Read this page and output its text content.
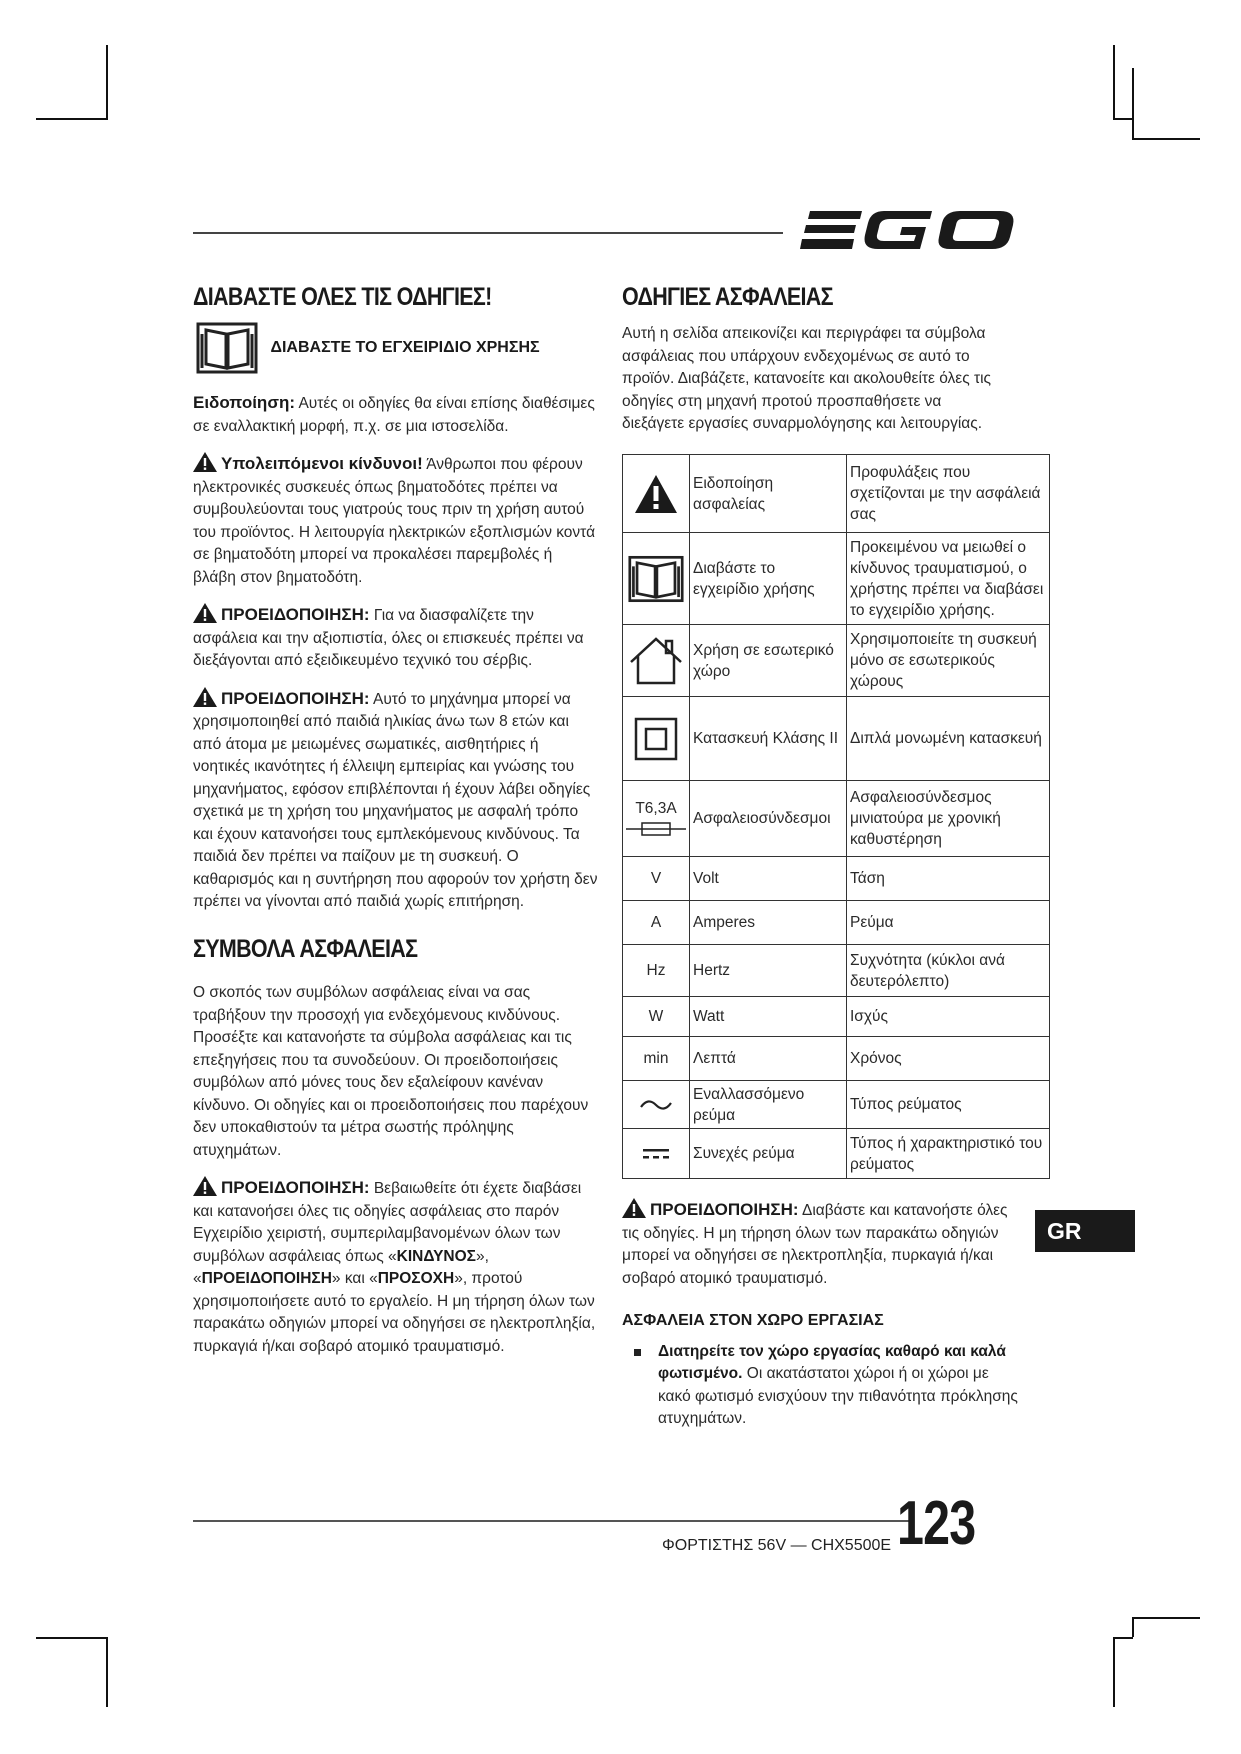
ΔΙΑΒΑΣΤΕ ΟΛΕΣ ΤΙΣ ΟΔΗΓΙΕΣ!
ΔΙΑΒΑΣΤΕ ΤΟ ΕΓΧΕΙΡΙΔΙΟ ΧΡΗΣΗΣ

Ειδοποίηση: Αυτές οι οδηγίες θα είναι επίσης διαθέσιμες σε εναλλακτική μορφή, π.χ. σε μια ιστοσελίδα.

Υπολειπόμενοι κίνδυνοι! Άνθρωποι που φέρουν ηλεκτρονικές συσκευές όπως βηματοδότες πρέπει να συμβουλεύονται τους γιατρούς τους πριν τη χρήση αυτού του προϊόντος. Η λειτουργία ηλεκτρικών εξοπλισμών κοντά σε βηματοδότη μπορεί να προκαλέσει παρεμβολές ή βλάβη στον βηματοδότη.

ΠΡΟΕΙΔΟΠΟΙΗΣΗ: Για να διασφαλίζετε την ασφάλεια και την αξιοπιστία, όλες οι επισκευές πρέπει να διεξάγονται από εξειδικευμένο τεχνικό του σέρβις.

ΠΡΟΕΙΔΟΠΟΙΗΣΗ: Αυτό το μηχάνημα μπορεί να χρησιμοποιηθεί από παιδιά ηλικίας άνω των 8 ετών και από άτομα με μειωμένες σωματικές, αισθητήριες ή νοητικές ικανότητες ή έλλειψη εμπειρίας και γνώσης του μηχανήματος, εφόσον επιβλέπονται ή έχουν λάβει οδηγίες σχετικά με τη χρήση του μηχανήματος με ασφαλή τρόπο και έχουν κατανοήσει τους εμπλεκόμενους κινδύνους. Τα παιδιά δεν πρέπει να παίζουν με τη συσκευή. Ο καθαρισμός και η συντήρηση που αφορούν τον χρήστη δεν πρέπει να γίνονται από παιδιά χωρίς επιτήρηση.

ΣΥΜΒΟΛΑ ΑΣΦΑΛΕΙΑΣ

Ο σκοπός των συμβόλων ασφάλειας είναι να σας τραβήξουν την προσοχή για ενδεχόμενους κινδύνους. Προσέξτε και κατανοήστε τα σύμβολα ασφάλειας και τις επεξηγήσεις που τα συνοδεύουν. Οι προειδοποιήσεις συμβόλων από μόνες τους δεν εξαλείφουν κανέναν κίνδυνο. Οι οδηγίες και οι προειδοποιήσεις που παρέχουν δεν υποκαθιστούν τα μέτρα σωστής πρόληψης ατυχημάτων.

ΠΡΟΕΙΔΟΠΟΙΗΣΗ: Βεβαιωθείτε ότι έχετε διαβάσει και κατανοήσει όλες τις οδηγίες ασφάλειας στο παρόν Εγχειρίδιο χειριστή, συμπεριλαμβανομένων όλων των συμβόλων ασφάλειας όπως «ΚΙΝΔΥΝΟΣ», «ΠΡΟΕΙΔΟΠΟΙΗΣΗ» και «ΠΡΟΣΟΧΗ», προτού χρησιμοποιήσετε αυτό το εργαλείο. Η μη τήρηση όλων των παρακάτω οδηγιών μπορεί να οδηγήσει σε ηλεκτροπληξία, πυρκαγιά ή/και σοβαρό ατομικό τραυματισμό.

ΟΔΗΓΙΕΣ ΑΣΦΑΛΕΙΑΣ
Αυτή η σελίδα απεικονίζει και περιγράφει τα σύμβολα ασφάλειας που υπάρχουν ενδεχομένως σε αυτό το προϊόν. Διαβάζετε, κατανοείτε και ακολουθείτε όλες τις οδηγίες στη μηχανή προτού προσπαθήσετε να διεξάγετε εργασίες συναρμολόγησης και λειτουργίας.
	Ειδοποίηση ασφαλείας	Προφυλάξεις που σχετίζονται με την ασφάλειά σας

	Διαβάστε το εγχειρίδιο χρήσης	Προκειμένου να μειωθεί ο κίνδυνος τραυματισμού, ο χρήστης πρέπει να διαβάσει το εγχειρίδιο χρήσης.

	Χρήση σε εσωτερικό χώρο	Χρησιμοποιείτε τη συσκευή μόνο σε εσωτερικούς χώρους

	Κατασκευή Κλάσης II	Διπλά μονωμένη κατασκευή

T6,3A	Ασφαλειοσύνδεσμοι	Ασφαλειοσύνδεσμος μινιατούρα με χρονική καθυστέρηση

V	Volt	Τάση

A	Amperes	Ρεύμα

Hz	Hertz	Συχνότητα (κύκλοι ανά δευτερόλεπτο)

W	Watt	Ισχύς

min	Λεπτά	Χρόνος

	Εναλλασσόμενο ρεύμα	Τύπος ρεύματος

	Συνεχές ρεύμα	Τύπος ή χαρακτηριστικό του ρεύματος

ΠΡΟΕΙΔΟΠΟΙΗΣΗ: Διαβάστε και κατανοήστε όλες τις οδηγίες. Η μη τήρηση όλων των παρακάτω οδηγιών μπορεί να οδηγήσει σε ηλεκτροπληξία, πυρκαγιά ή/και σοβαρό ατομικό τραυματισμό.

ΑΣΦΑΛΕΙΑ ΣΤΟΝ ΧΩΡΟ ΕΡΓΑΣΙΑΣ
Διατηρείτε τον χώρο εργασίας καθαρό και καλά φωτισμένο. Οι ακατάστατοι χώροι ή οι χώροι με κακό φωτισμό ενισχύουν την πιθανότητα πρόκλησης ατυχημάτων.
GR
ΦΟΡΤΙΣΤΗΣ 56V — CHX5500E 123
